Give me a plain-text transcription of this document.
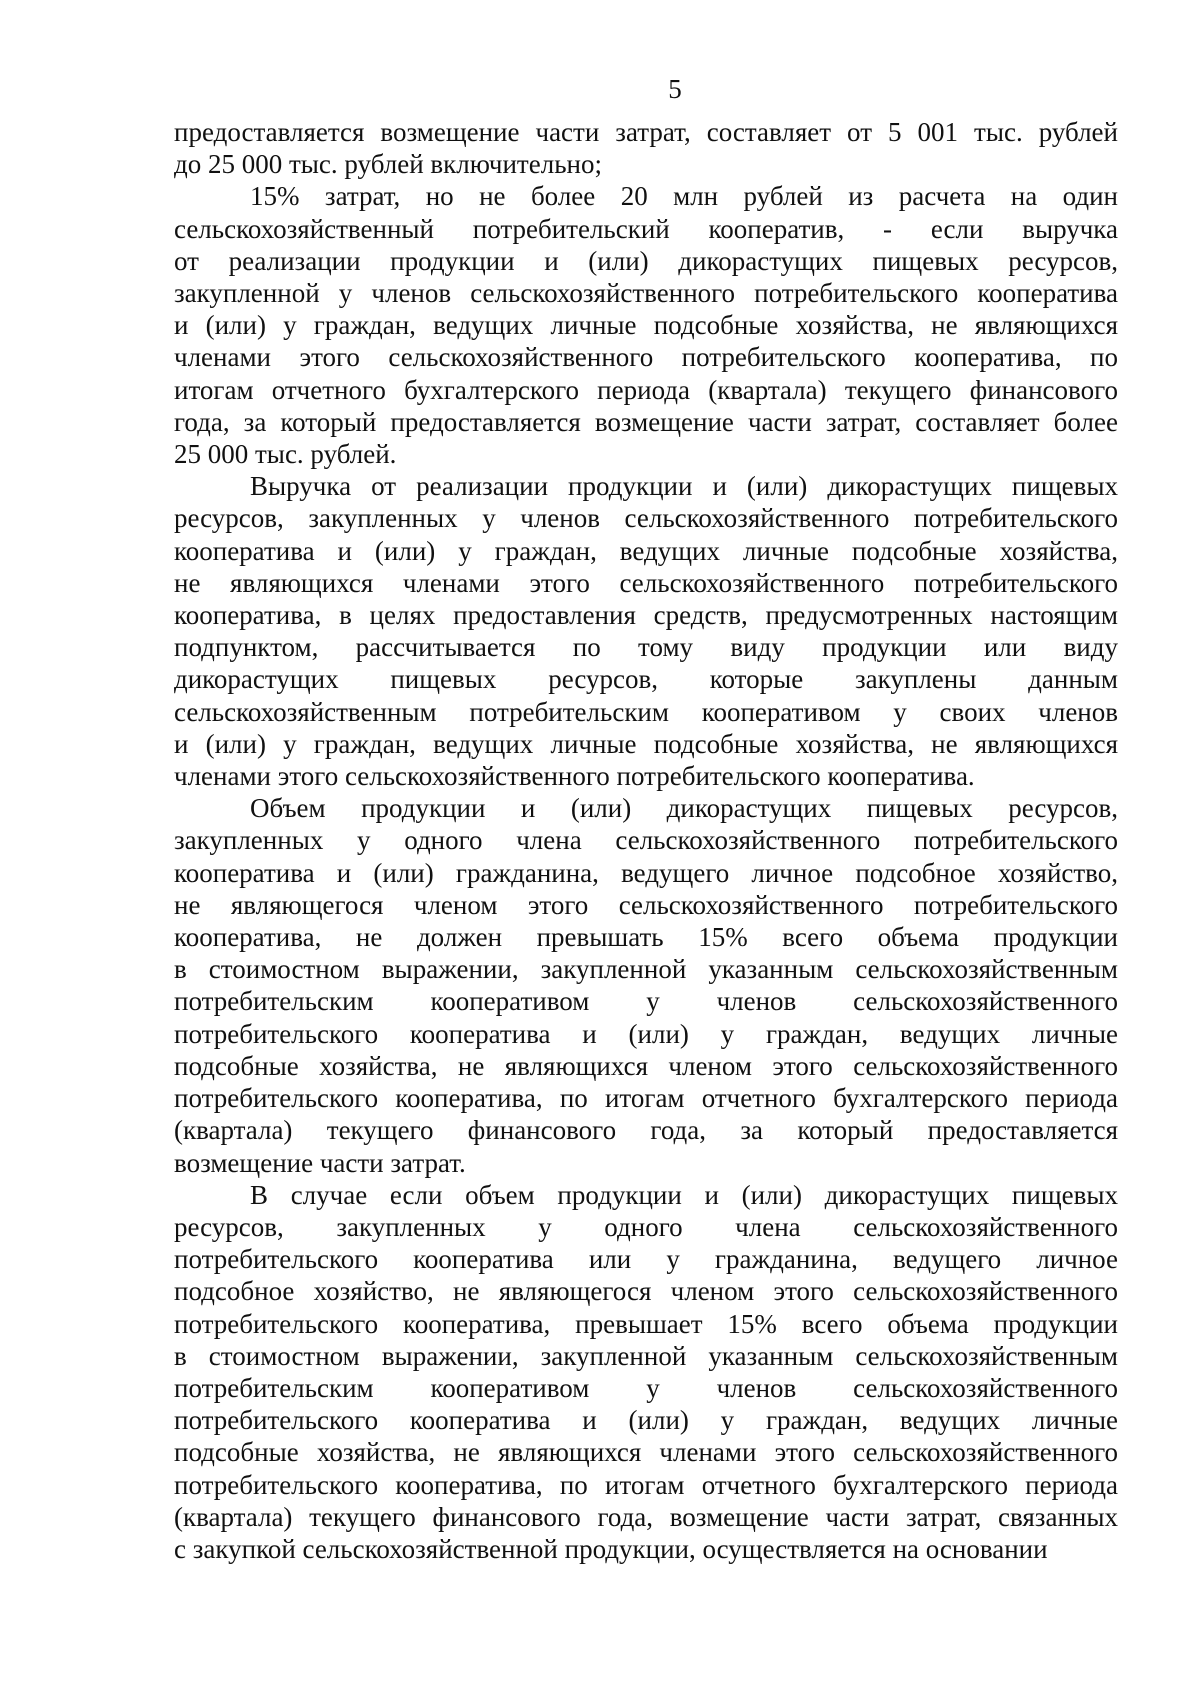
5
предоставляется возмещение части затрат, составляет от 5 001 тыс. рублей
до 25 000 тыс. рублей включительно;
15% затрат, но не более 20 млн рублей из расчета на один
сельскохозяйственный потребительский кооператив, - если выручка
от реализации продукции и (или) дикорастущих пищевых ресурсов,
закупленной у членов сельскохозяйственного потребительского кооператива
и (или) у граждан, ведущих личные подсобные хозяйства, не являющихся
членами этого сельскохозяйственного потребительского кооператива, по
итогам отчетного бухгалтерского периода (квартала) текущего финансового
года, за который предоставляется возмещение части затрат, составляет более
25 000 тыс. рублей.
Выручка от реализации продукции и (или) дикорастущих пищевых
ресурсов, закупленных у членов сельскохозяйственного потребительского
кооператива и (или) у граждан, ведущих личные подсобные хозяйства,
не являющихся членами этого сельскохозяйственного потребительского
кооператива, в целях предоставления средств, предусмотренных настоящим
подпунктом, рассчитывается по тому виду продукции или виду
дикорастущих пищевых ресурсов, которые закуплены данным
сельскохозяйственным потребительским кооперативом у своих членов
и (или) у граждан, ведущих личные подсобные хозяйства, не являющихся
членами этого сельскохозяйственного потребительского кооператива.
Объем продукции и (или) дикорастущих пищевых ресурсов,
закупленных у одного члена сельскохозяйственного потребительского
кооператива и (или) гражданина, ведущего личное подсобное хозяйство,
не являющегося членом этого сельскохозяйственного потребительского
кооператива, не должен превышать 15% всего объема продукции
в стоимостном выражении, закупленной указанным сельскохозяйственным
потребительским кооперативом у членов сельскохозяйственного
потребительского кооператива и (или) у граждан, ведущих личные
подсобные хозяйства, не являющихся членом этого сельскохозяйственного
потребительского кооператива, по итогам отчетного бухгалтерского периода
(квартала) текущего финансового года, за который предоставляется
возмещение части затрат.
В случае если объем продукции и (или) дикорастущих пищевых
ресурсов, закупленных у одного члена сельскохозяйственного
потребительского кооператива или у гражданина, ведущего личное
подсобное хозяйство, не являющегося членом этого сельскохозяйственного
потребительского кооператива, превышает 15% всего объема продукции
в стоимостном выражении, закупленной указанным сельскохозяйственным
потребительским кооперативом у членов сельскохозяйственного
потребительского кооператива и (или) у граждан, ведущих личные
подсобные хозяйства, не являющихся членами этого сельскохозяйственного
потребительского кооператива, по итогам отчетного бухгалтерского периода
(квартала) текущего финансового года, возмещение части затрат, связанных
с закупкой сельскохозяйственной продукции, осуществляется на основании
